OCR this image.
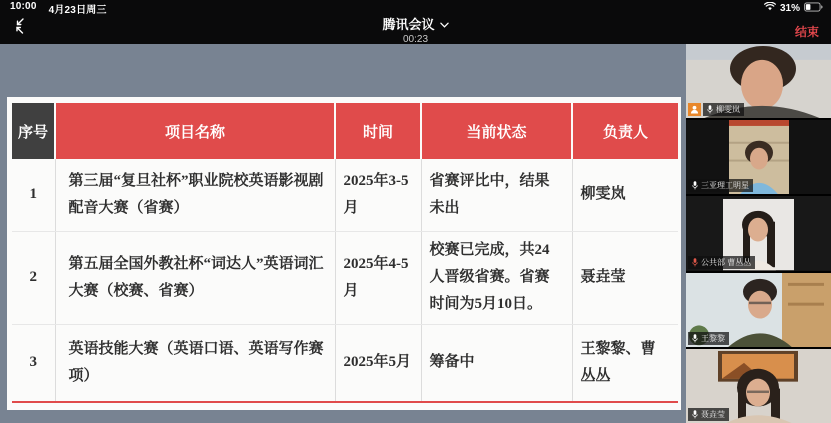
10:00 4月23日周三	31%
腾讯会议
00:23
结束
序号	项目名称	时间	当前状态	负责人
1	第三届“复旦社杯”职业院校英语影视剧配音大赛（省赛）	2025年3-5月	省赛评比中，结果未出	柳雯岚
2	第五届全国外教社杯“词达人”英语词汇大赛（校赛、省赛）	2025年4-5月	校赛已完成，共24人晋级省赛。省赛时间为5月10日。	聂垚莹
3	英语技能大赛（英语口语、英语写作赛项）	2025年5月	筹备中	王黎黎、曹丛丛
柳雯岚
三亚理工明星
公共部 曹丛丛
王黎黎
聂垚莹
